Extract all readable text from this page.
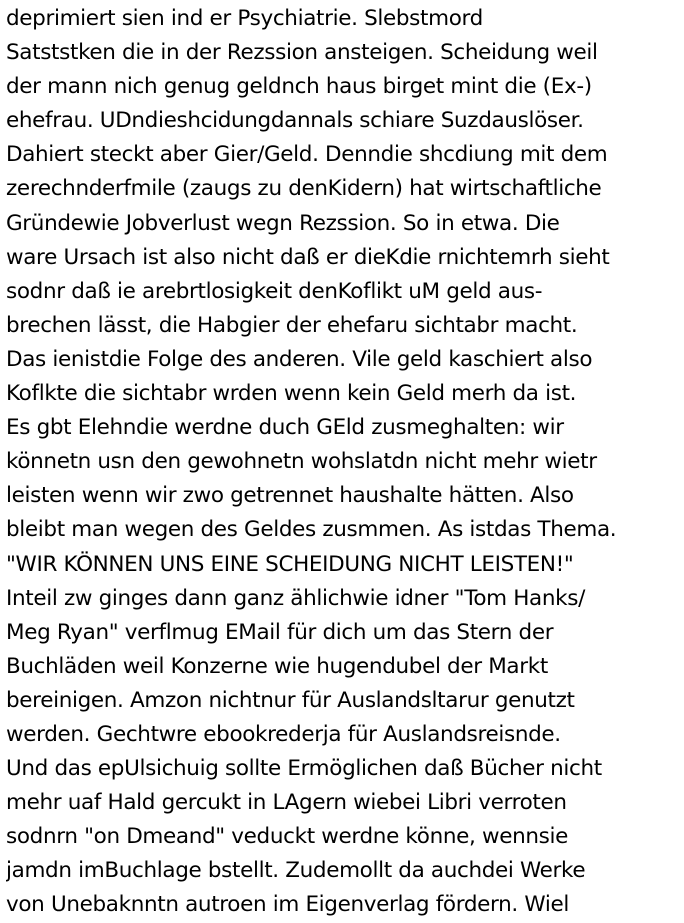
deprimiert sien ind er Psychiatrie. Slebstmord
Satststken die in der Rezssion ansteigen. Scheidung weil
der mann nich genug geldnch haus birget mint die (Ex-)
ehefrau. UDndieshcidungdannals schiare Suzdauslöser.
Dahiert steckt aber Gier/Geld. Denndie shcdiung mit dem
zerechnderfmile (zaugs zu denKidern) hat wirtschaftliche
Gründewie Jobverlust wegn Rezssion. So in etwa. Die
ware Ursach ist also nicht daß er dieKdie rnichtemrh sieht
sodnr daß ie arebrtlosigkeit denKoflikt uM geld aus-
brechen lässt, die Habgier der ehefaru sichtabr macht.
Das ienistdie Folge des anderen. Vile geld kaschiert also
Koflkte die sichtabr wrden wenn kein Geld merh da ist.
Es gbt Elehndie werdne duch GEld zusmeghalten: wir
könnetn usn den gewohnetn wohslatdn nicht mehr wietr
leisten wenn wir zwo getrennet haushalte hätten. Also
bleibt man wegen des Geldes zusmmen. As istdas Thema.
"WIR KÖNNEN UNS EINE SCHEIDUNG NICHT LEISTEN!"
Inteil zw ginges dann ganz ählichwie idner "Tom Hanks/
Meg Ryan" verflmug EMail für dich um das Stern der
Buchläden weil Konzerne wie hugendubel der Markt
bereinigen. Amzon nichtnur für Auslandsltarur genutzt
werden. Gechtwre ebookrederja für Auslandsreisnde.
Und das epUlsichuig sollte Ermöglichen daß Bücher nicht
mehr uaf Hald gercukt in LAgern wiebei Libri verroten
sodnrn "on Dmeand" veduckt werdne könne, wennsie
jamdn imBuchlage bstellt. Zudemollt da auchdei Werke
von Unebaknntn autroen im Eigenverlag fördern. Wiel
